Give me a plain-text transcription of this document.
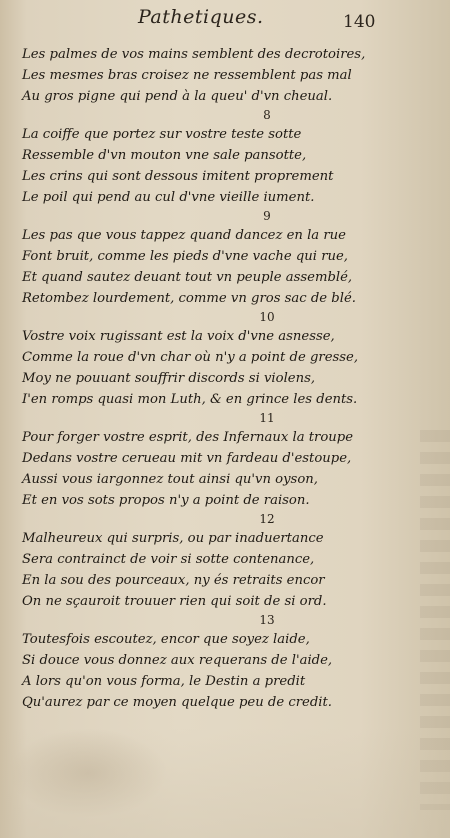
Pathetiques.	140
Les palmes de vos mains semblent des decrotoires,
Les mesmes bras croisez ne ressemblent pas mal
Au gros pigne qui pend à la queu' d'vn cheual.
8
La coiffe que portez sur vostre teste sotte
Ressemble d'vn mouton vne sale pansotte,
Les crins qui sont dessous imitent proprement
Le poil qui pend au cul d'vne vieille iument.
9
Les pas que vous tappez quand dancez en la rue
Font bruit, comme les pieds d'vne vache qui rue,
Et quand sautez deuant tout vn peuple assemblé,
Retombez lourdement, comme vn gros sac de blé.
10
Vostre voix rugissant est la voix d'vne asnesse,
Comme la roue d'vn char où n'y a point de gresse,
Moy ne pouuant souffrir discords si violens,
I'en romps quasi mon Luth, & en grince les dents.
11
Pour forger vostre esprit, des Infernaux la troupe
Dedans vostre cerueau mit vn fardeau d'estoupe,
Aussi vous iargonnez tout ainsi qu'vn oyson,
Et en vos sots propos n'y a point de raison.
12
Malheureux qui surpris, ou par inaduertance
Sera contrainct de voir si sotte contenance,
En la sou des pourceaux, ny és retraits encor
On ne sçauroit trouuer rien qui soit de si ord.
13
Toutesfois escoutez, encor que soyez laide,
Si douce vous donnez aux requerans de l'aide,
A lors qu'on vous forma, le Destin a predit
Qu'aurez par ce moyen quelque peu de credit.
